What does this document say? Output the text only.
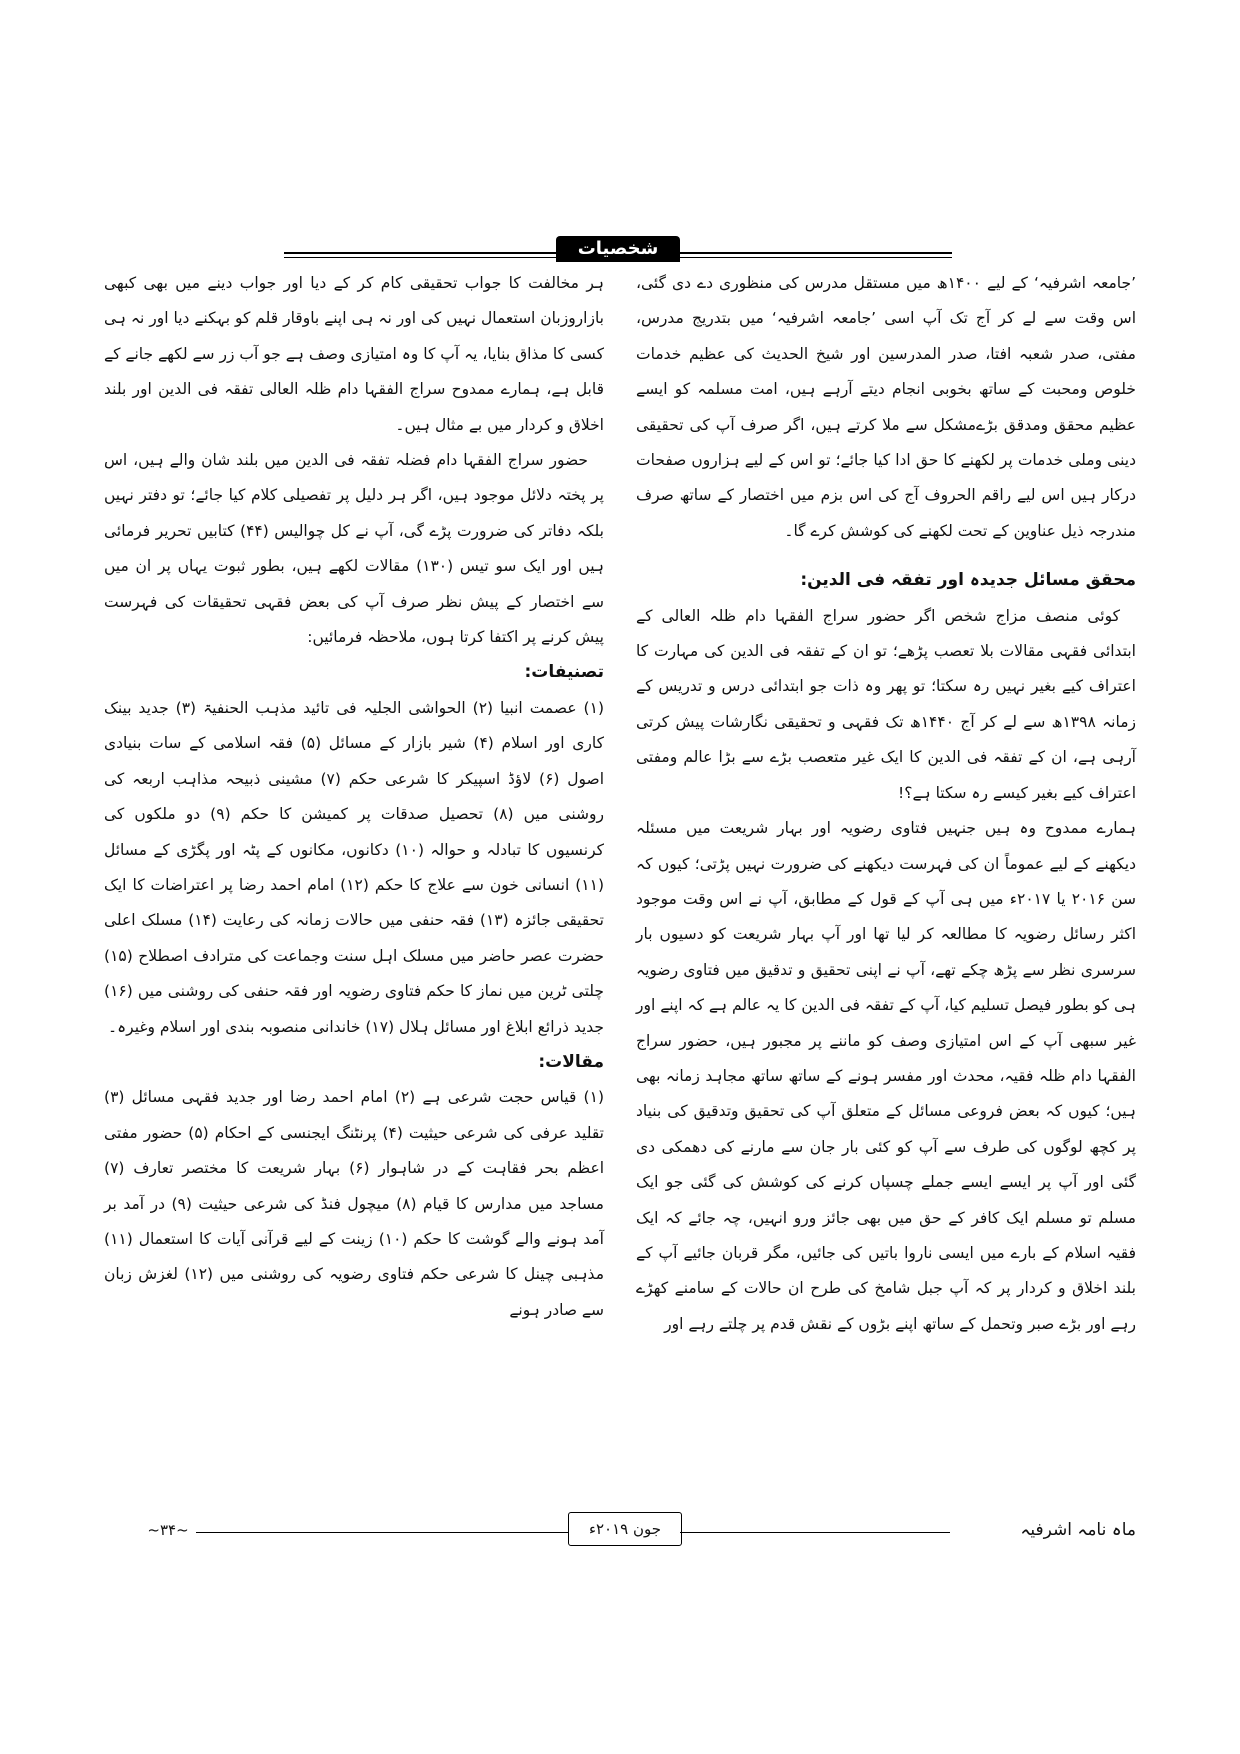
شخصیات

’جامعہ اشرفیہ‘ کے لیے ۱۴۰۰ھ میں مستقل مدرس کی منظوری دے دی گئی، اس وقت سے لے کر آج تک آپ اسی ’جامعہ اشرفیہ‘ میں بتدریج مدرس، مفتی، صدر شعبہ افتا، صدر المدرسین اور شیخ الحدیث کی عظیم خدمات خلوص ومحبت کے ساتھ بخوبی انجام دیتے آرہے ہیں، امت مسلمہ کو ایسے عظیم محقق ومدقق بڑےمشکل سے ملا کرتے ہیں، اگر صرف آپ کی تحقیقی دینی وملی خدمات پر لکھنے کا حق ادا کیا جائے؛ تو اس کے لیے ہزاروں صفحات درکار ہیں اس لیے راقم الحروف آج کی اس بزم میں اختصار کے ساتھ صرف مندرجہ ذیل عناوین کے تحت لکھنے کی کوشش کرے گا۔

محقق مسائل جدیدہ اور تفقہ فی الدین:

کوئی منصف مزاج شخص اگر حضور سراج الفقہا دام ظلہ العالی کے ابتدائی فقہی مقالات بلا تعصب پڑھے؛ تو ان کے تفقہ فی الدین کی مہارت کا اعتراف کیے بغیر نہیں رہ سکتا؛ تو پھر وہ ذات جو ابتدائی درس و تدریس کے زمانہ ۱۳۹۸ھ سے لے کر آج ۱۴۴۰ھ تک فقہی و تحقیقی نگارشات پیش کرتی آرہی ہے، ان کے تفقہ فی الدین کا ایک غیر متعصب بڑے سے بڑا عالم ومفتی اعتراف کیے بغیر کیسے رہ سکتا ہے؟!

ہمارے ممدوح وہ ہیں جنہیں فتاوی رضویہ اور بہار شریعت میں مسئلہ دیکھنے کے لیے عموماً ان کی فہرست دیکھنے کی ضرورت نہیں پڑتی؛ کیوں کہ سن ۲۰۱۶ یا ۲۰۱۷ء میں ہی آپ کے قول کے مطابق، آپ نے اس وقت موجود اکثر رسائل رضویہ کا مطالعہ کر لیا تھا اور آپ بہار شریعت کو دسیوں بار سرسری نظر سے پڑھ چکے تھے، آپ نے اپنی تحقیق و تدقیق میں فتاوی رضویہ ہی کو بطور فیصل تسلیم کیا، آپ کے تفقہ فی الدین کا یہ عالم ہے کہ اپنے اور غیر سبھی آپ کے اس امتیازی وصف کو ماننے پر مجبور ہیں، حضور سراج الفقہا دام ظلہ فقیہ، محدث اور مفسر ہونے کے ساتھ ساتھ مجاہد زمانہ بھی ہیں؛ کیوں کہ بعض فروعی مسائل کے متعلق آپ کی تحقیق وتدقیق کی بنیاد پر کچھ لوگوں کی طرف سے آپ کو کئی بار جان سے مارنے کی دھمکی دی گئی اور آپ پر ایسے ایسے جملے چسپاں کرنے کی کوشش کی گئی جو ایک مسلم تو مسلم ایک کافر کے حق میں بھی جائز ورو انہیں، چہ جائے کہ ایک فقیہ اسلام کے بارے میں ایسی ناروا باتیں کی جائیں، مگر قربان جائیے آپ کے بلند اخلاق و کردار پر کہ آپ جبل شامخ کی طرح ان حالات کے سامنے کھڑے رہے اور بڑے صبر وتحمل کے ساتھ اپنے بڑوں کے نقش قدم پر چلتے رہے اور

ہر مخالفت کا جواب تحقیقی کام کر کے دیا اور جواب دینے میں بھی کبھی بازاروزبان استعمال نہیں کی اور نہ ہی اپنے باوقار قلم کو بہکنے دیا اور نہ ہی کسی کا مذاق بنایا، یہ آپ کا وہ امتیازی وصف ہے جو آب زر سے لکھے جانے کے قابل ہے، ہمارے ممدوح سراج الفقہا دام ظلہ العالی تفقہ فی الدین اور بلند اخلاق و کردار میں بے مثال ہیں۔

حضور سراج الفقہا دام فضلہ تفقہ فی الدین میں بلند شان والے ہیں، اس پر پختہ دلائل موجود ہیں، اگر ہر دلیل پر تفصیلی کلام کیا جائے؛ تو دفتر نہیں بلکہ دفاتر کی ضرورت پڑے گی، آپ نے کل چوالیس (۴۴) کتابیں تحریر فرمائی ہیں اور ایک سو تیس (۱۳۰) مقالات لکھے ہیں، بطور ثبوت یہاں پر ان میں سے اختصار کے پیش نظر صرف آپ کی بعض فقہی تحقیقات کی فہرست پیش کرنے پر اکتفا کرتا ہوں، ملاحظہ فرمائیں:

تصنیفات:

(۱) عصمت انبیا (۲) الحواشی الجلیہ فی تائید مذہب الحنفیۃ (۳) جدید بینک کاری اور اسلام (۴) شیر بازار کے مسائل (۵) فقہ اسلامی کے سات بنیادی اصول (۶) لاؤڈ اسپیکر کا شرعی حکم (۷) مشینی ذبیحہ مذاہب اربعہ کی روشنی میں (۸) تحصیل صدقات پر کمیشن کا حکم (۹) دو ملکوں کی کرنسیوں کا تبادلہ و حوالہ (۱۰) دکانوں، مکانوں کے پٹہ اور پگڑی کے مسائل (۱۱) انسانی خون سے علاج کا حکم (۱۲) امام احمد رضا پر اعتراضات کا ایک تحقیقی جائزہ (۱۳) فقہ حنفی میں حالات زمانہ کی رعایت (۱۴) مسلک اعلی حضرت عصر حاضر میں مسلک اہل سنت وجماعت کی مترادف اصطلاح (۱۵) چلتی ٹرین میں نماز کا حکم فتاوی رضویہ اور فقہ حنفی کی روشنی میں (۱۶) جدید ذرائع ابلاغ اور مسائل ہلال (۱۷) خاندانی منصوبہ بندی اور اسلام وغیرہ۔

مقالات:

(۱) قیاس حجت شرعی ہے (۲) امام احمد رضا اور جدید فقہی مسائل (۳) تقلید عرفی کی شرعی حیثیت (۴) پرنٹنگ ایجنسی کے احکام (۵) حضور مفتی اعظم بحر فقاہت کے در شاہوار (۶) بہار شریعت کا مختصر تعارف (۷) مساجد میں مدارس کا قیام (۸) میچول فنڈ کی شرعی حیثیت (۹) در آمد بر آمد ہونے والے گوشت کا حکم (۱۰) زینت کے لیے قرآنی آیات کا استعمال (۱۱) مذہبی چینل کا شرعی حکم فتاوی رضویہ کی روشنی میں (۱۲) لغزش زبان سے صادر ہونے

جون ۲۰۱۹ء	ماہ نامہ اشرفیہ
~۳۴~
